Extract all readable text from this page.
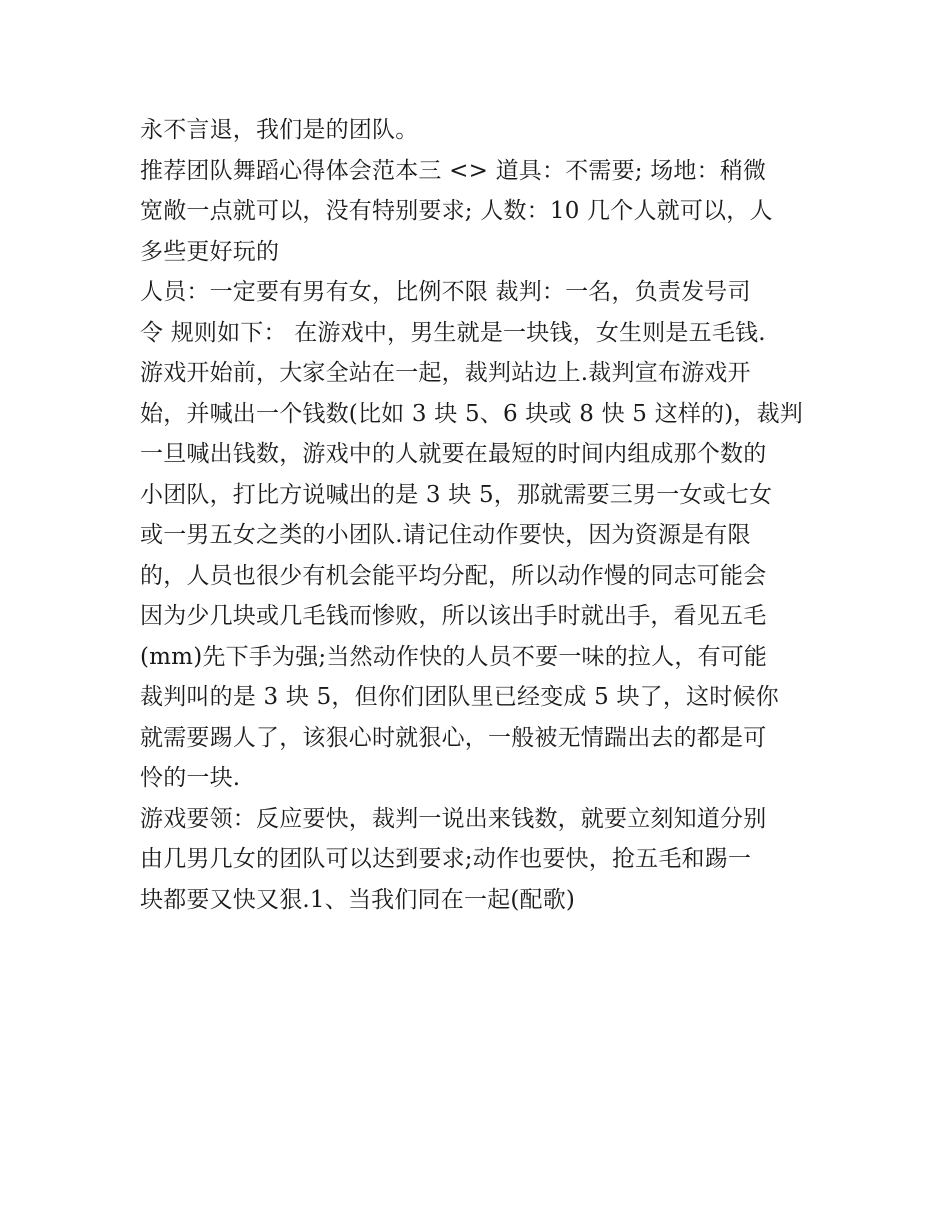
永不言退，我们是的团队。
推荐团队舞蹈心得体会范本三 <> 道具：不需要; 场地：稍微
宽敞一点就可以，没有特别要求; 人数：10 几个人就可以，人
多些更好玩的
人员：一定要有男有女，比例不限 裁判：一名，负责发号司
令 规则如下： 在游戏中，男生就是一块钱，女生则是五毛钱.
游戏开始前，大家全站在一起，裁判站边上.裁判宣布游戏开
始，并喊出一个钱数(比如 3 块 5、6 块或 8 快 5 这样的)，裁判
一旦喊出钱数，游戏中的人就要在最短的时间内组成那个数的
小团队，打比方说喊出的是 3 块 5，那就需要三男一女或七女
或一男五女之类的小团队.请记住动作要快，因为资源是有限
的，人员也很少有机会能平均分配，所以动作慢的同志可能会
因为少几块或几毛钱而惨败，所以该出手时就出手，看见五毛
(mm)先下手为强;当然动作快的人员不要一味的拉人，有可能
裁判叫的是 3 块 5，但你们团队里已经变成 5 块了，这时候你
就需要踢人了，该狠心时就狠心，一般被无情踹出去的都是可
怜的一块.
游戏要领：反应要快，裁判一说出来钱数，就要立刻知道分别
由几男几女的团队可以达到要求;动作也要快，抢五毛和踢一
块都要又快又狠.1、当我们同在一起(配歌)
